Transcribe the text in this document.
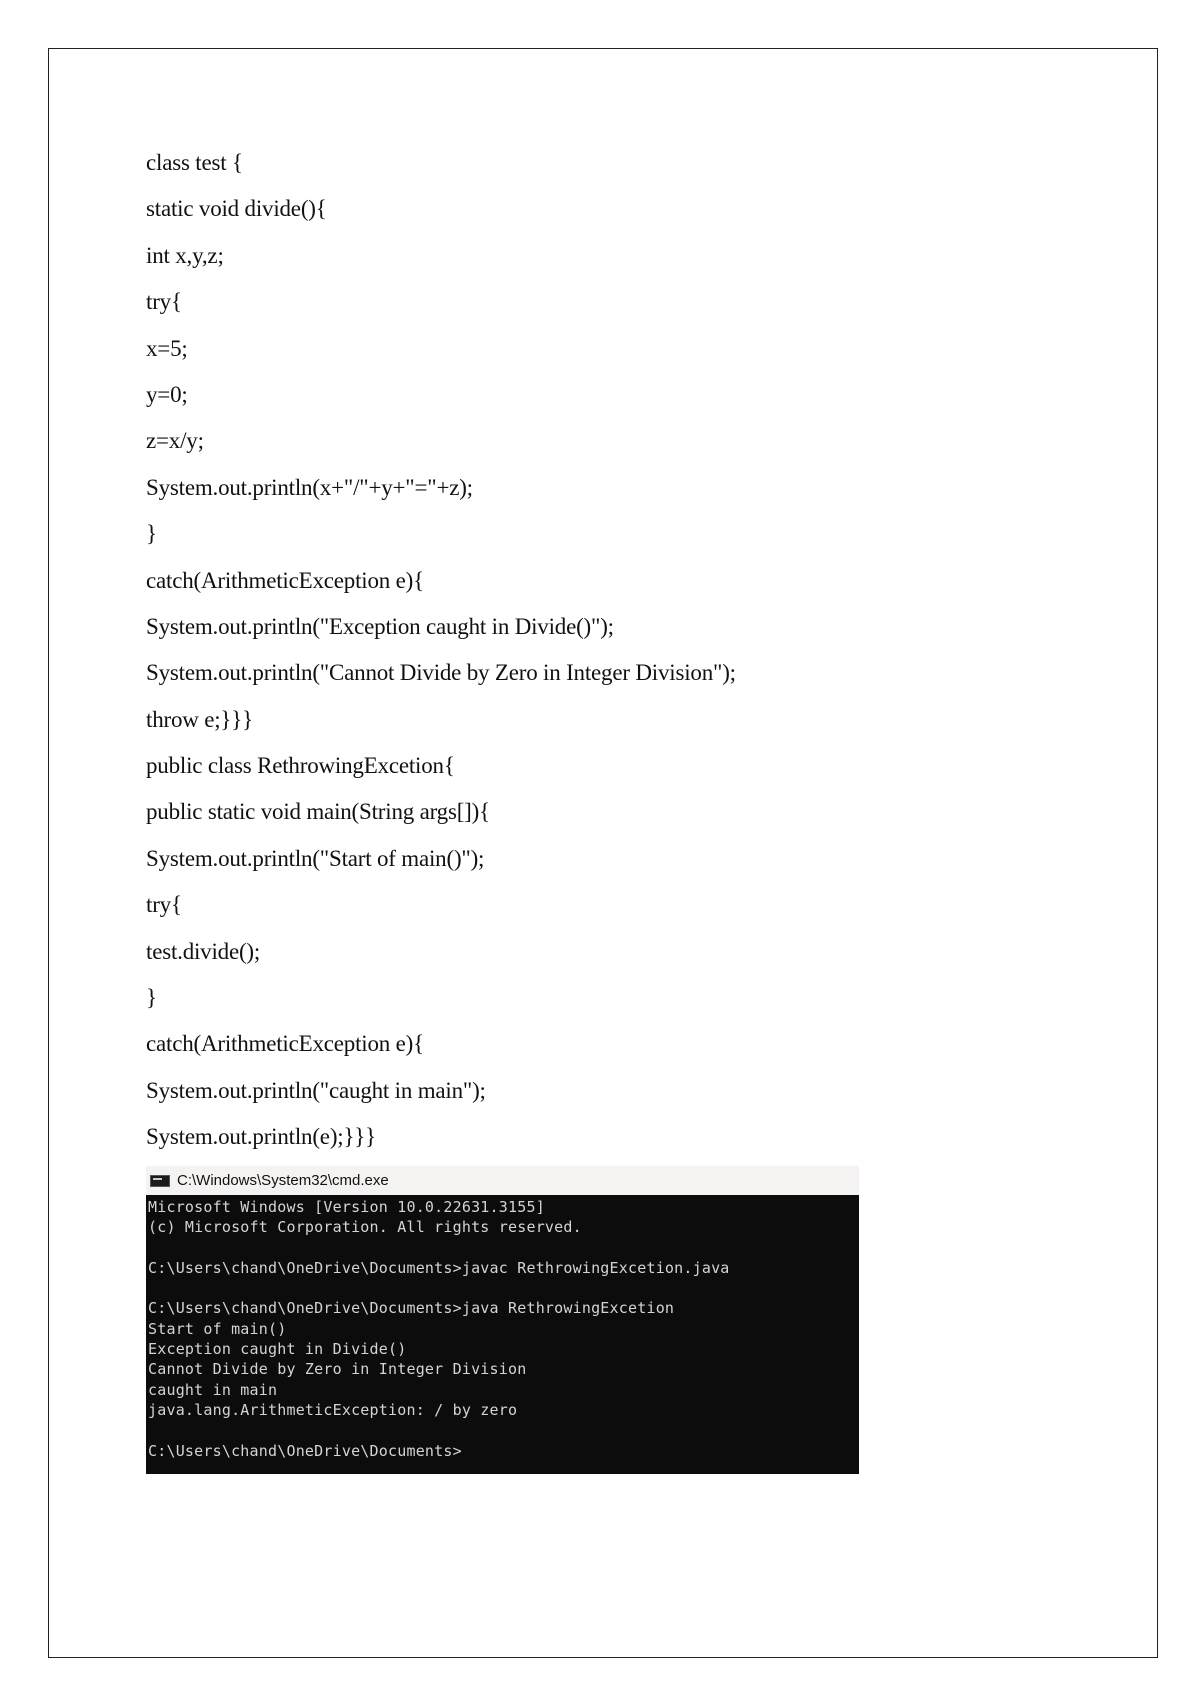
class test {
static void divide(){
int x,y,z;
try{
x=5;
y=0;
z=x/y;
System.out.println(x+"/"+y+"="+z);
}
catch(ArithmeticException e){
System.out.println("Exception caught in Divide()");
System.out.println("Cannot Divide by Zero in Integer Division");
throw e;}}}
public class RethrowingExcetion{
public static void main(String args[]){
System.out.println("Start of main()");
try{
test.divide();
}
catch(ArithmeticException e){
System.out.println("caught in main");
System.out.println(e);}}}
C:\Windows\System32\cmd.exe
Microsoft Windows [Version 10.0.22631.3155]
(c) Microsoft Corporation. All rights reserved.
C:\Users\chand\OneDrive\Documents>javac RethrowingExcetion.java
C:\Users\chand\OneDrive\Documents>java RethrowingExcetion
Start of main()
Exception caught in Divide()
Cannot Divide by Zero in Integer Division
caught in main
java.lang.ArithmeticException: / by zero
C:\Users\chand\OneDrive\Documents>
